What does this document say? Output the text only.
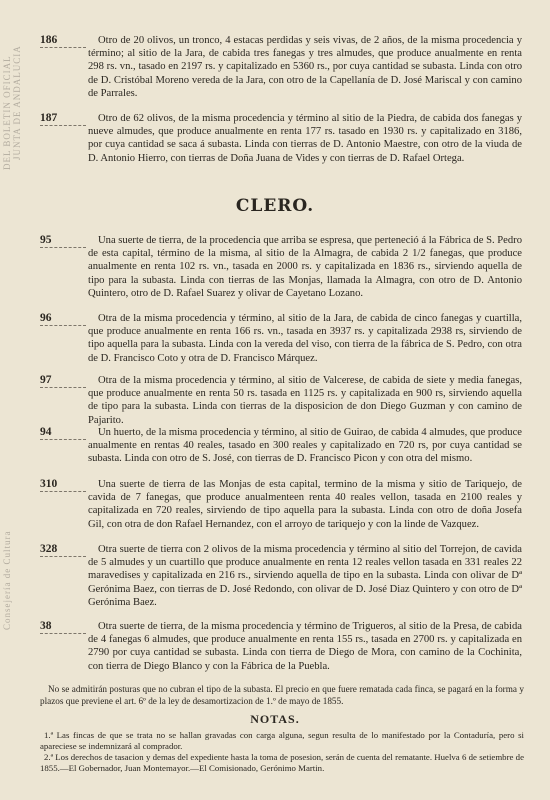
DEL BOLETIN OFICIAL JUNTA DE ANDALUCIA
Consejería de Cultura
186	Otro de 20 olivos, un tronco, 4 estacas perdidas y seis vivas, de 2 años, de la misma procedencia y término; al sitio de la Jara, de cabida tres fanegas y tres almudes, que produce anualmente en renta 298 rs. vn., tasado en 2197 rs. y capitalizado en 5360 rs., por cuya cantidad se subasta. Linda con otro de D. Cristóbal Moreno vereda de la Jara, con otro de la Capellanía de D. José Mariscal y con camino de Parrales.
187	Otro de 62 olivos, de la misma procedencia y término al sitio de la Piedra, de cabida dos fanegas y nueve almudes, que produce anualmente en renta 177 rs. tasado en 1930 rs. y capitalizado en 3186, por cuya cantidad se saca á subasta. Linda con tierras de D. Antonio Maestre, con otro de la viuda de D. Antonio Hierro, con tierras de Doña Juana de Vides y con tierras de D. Rafael Ortega.
CLERO.
95	Una suerte de tierra, de la procedencia que arriba se espresa, que perteneció á la Fábrica de S. Pedro de esta capital, término de la misma, al sitio de la Almagra, de cabida 2 1/2 fanegas, que produce anualmente en renta 102 rs. vn., tasada en 2000 rs. y capitalizada en 1836 rs., sirviendo aquella de tipo para la subasta. Linda con tierras de las Monjas, llamada la Almagra, con otro de D. Antonio Quintero, otro de D. Rafael Suarez y olivar de Cayetano Lozano.
96	Otra de la misma procedencia y término, al sitio de la Jara, de cabida de cinco fanegas y cuartilla, que produce anualmente en renta 166 rs. vn., tasada en 3937 rs. y capitalizada 2938 rs, sirviendo de tipo aquella para la subasta. Linda con la vereda del viso, con tierra de la fábrica de S. Pedro, con otra de D. Francisco Coto y otra de D. Francisco Márquez.
97	Otra de la misma procedencia y término, al sitio de Valcerese, de cabida de siete y media fanegas, que produce anualmente en renta 50 rs. tasada en 1125 rs. y capitalizada en 900 rs, sirviendo aquella de tipo para la subasta. Linda con tierras de la disposicion de don Diego Guzman y con camino de Pajarito.
94	Un huerto, de la misma procedencia y término, al sitio de Guirao, de cabida 4 almudes, que produce anualmente en rentas 40 reales, tasado en 300 reales y capitalizado en 720 rs, por cuya cantidad se subasta. Linda con otro de S. José, con tierras de D. Francisco Picon y con otra del mismo.
310	Una suerte de tierra de las Monjas de esta capital, termino de la misma y sitio de Tariquejo, de cavida de 7 fanegas, que produce anualmenteen renta 40 reales vellon, tasada en 2100 reales y capitalizada en 720 reales, sirviendo de tipo aquella para la subasta. Linda con otro de doña Josefa Gil, con otra de don Rafael Hernandez, con el arroyo de tariquejo y con la linde de Vazquez.
328	Otra suerte de tierra con 2 olivos de la misma procedencia y término al sitio del Torrejon, de cavida de 5 almudes y un cuartillo que produce anualmente en renta 12 reales vellon tasada en 331 reales 22 maravedises y capitalizada en 216 rs., sirviendo aquella de tipo en la subasta. Linda con olivar de Dª Gerónima Baez, con tierras de D. José Redondo, con olivar de D. José Diaz Quintero y con otro de Dª Gerónima Baez.
38	Otra suerte de tierra, de la misma procedencia y término de Trigueros, al sitio de la Presa, de cabida de 4 fanegas 6 almudes, que produce anualmente en renta 155 rs., tasada en 2700 rs. y capitalizada en 2790 por cuya cantidad se subasta. Linda con tierra de Diego de Mora, con camino de la Cochinita, con tierra de Diego Blanco y con la Fábrica de la Puebla.
No se admitirán posturas que no cubran el tipo de la subasta. El precio en que fuere rematada cada finca, se pagará en la forma y plazos que previene el art. 6º de la ley de desamortizacion de 1.º de mayo de 1855.
NOTAS.
1.ª Las fincas de que se trata no se hallan gravadas con carga alguna, segun resulta de lo manifestado por la Contaduría, pero si apareciese se indemnizará al comprador.
2.ª Los derechos de tasacion y demas del expediente hasta la toma de posesion, serán de cuenta del rematante. Huelva 6 de setiembre de 1855.—El Gobernador, Juan Montemayor.—El Comisionado, Gerónimo Martin.
